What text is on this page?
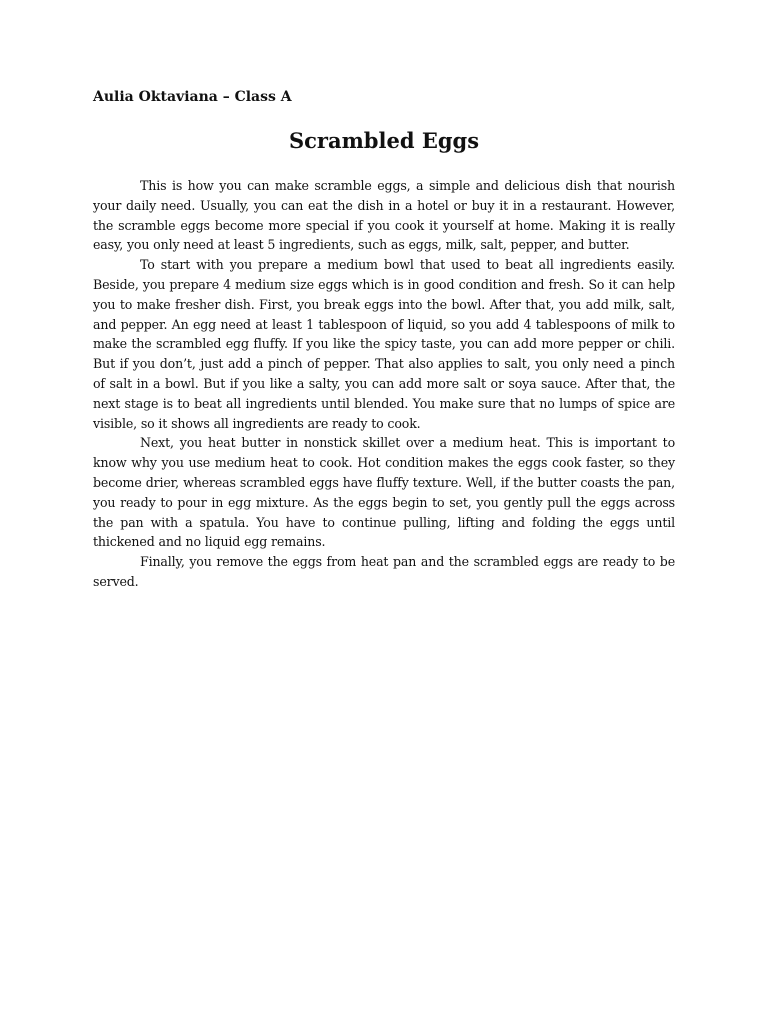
Aulia Oktaviana – Class A
Scrambled Eggs

This is how you can make scramble eggs, a simple and delicious dish that nourish your daily need. Usually, you can eat the dish in a hotel or buy it in a restaurant. However, the scramble eggs become more special if you cook it yourself at home. Making it is really easy, you only need at least 5 ingredients, such as eggs, milk, salt, pepper, and butter.

To start with you prepare a medium bowl that used to beat all ingredients easily. Beside, you prepare 4 medium size eggs which is in good condition and fresh. So it can help you to make fresher dish. First, you break eggs into the bowl. After that, you add milk, salt, and pepper. An egg need at least 1 tablespoon of liquid, so you add 4 tablespoons of milk to make the scrambled egg fluffy. If you like the spicy taste, you can add more pepper or chili. But if you don’t, just add a pinch of pepper. That also applies to salt, you only need a pinch of salt in a bowl. But if you like a salty, you can add more salt or soya sauce. After that, the next stage is to beat all ingredients until blended. You make sure that no lumps of spice are visible, so it shows all ingredients are ready to cook.

Next, you heat butter in nonstick skillet over a medium heat. This is important to know why you use medium heat to cook. Hot condition makes the eggs cook faster, so they become drier, whereas scrambled eggs have fluffy texture. Well, if the butter coasts the pan, you ready to pour in egg mixture. As the eggs begin to set, you gently pull the eggs across the pan with a spatula. You have to continue pulling, lifting and folding the eggs until thickened and no liquid egg remains.

Finally, you remove the eggs from heat pan and the scrambled eggs are ready to be served.
